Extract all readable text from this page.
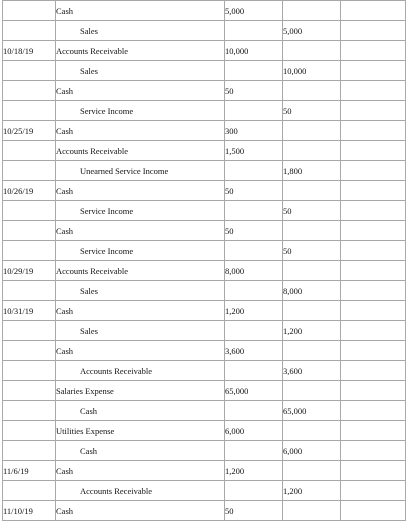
	Cash	5,000		
	Sales		5,000	
10/18/19	Accounts Receivable	10,000		
	Sales		10,000	
	Cash	50		
	Service Income		50	
10/25/19	Cash	300		
	Accounts Receivable	1,500		
	Unearned Service Income		1,800	
10/26/19	Cash	50		
	Service Income		50	
	Cash	50		
	Service Income		50	
10/29/19	Accounts Receivable	8,000		
	Sales		8,000	
10/31/19	Cash	1,200		
	Sales		1,200	
	Cash	3,600		
	Accounts Receivable		3,600	
	Salaries Expense	65,000		
	Cash		65,000	
	Utilities Expense	6,000		
	Cash		6,000	
11/6/19	Cash	1,200		
	Accounts Receivable		1,200	
11/10/19	Cash	50		
